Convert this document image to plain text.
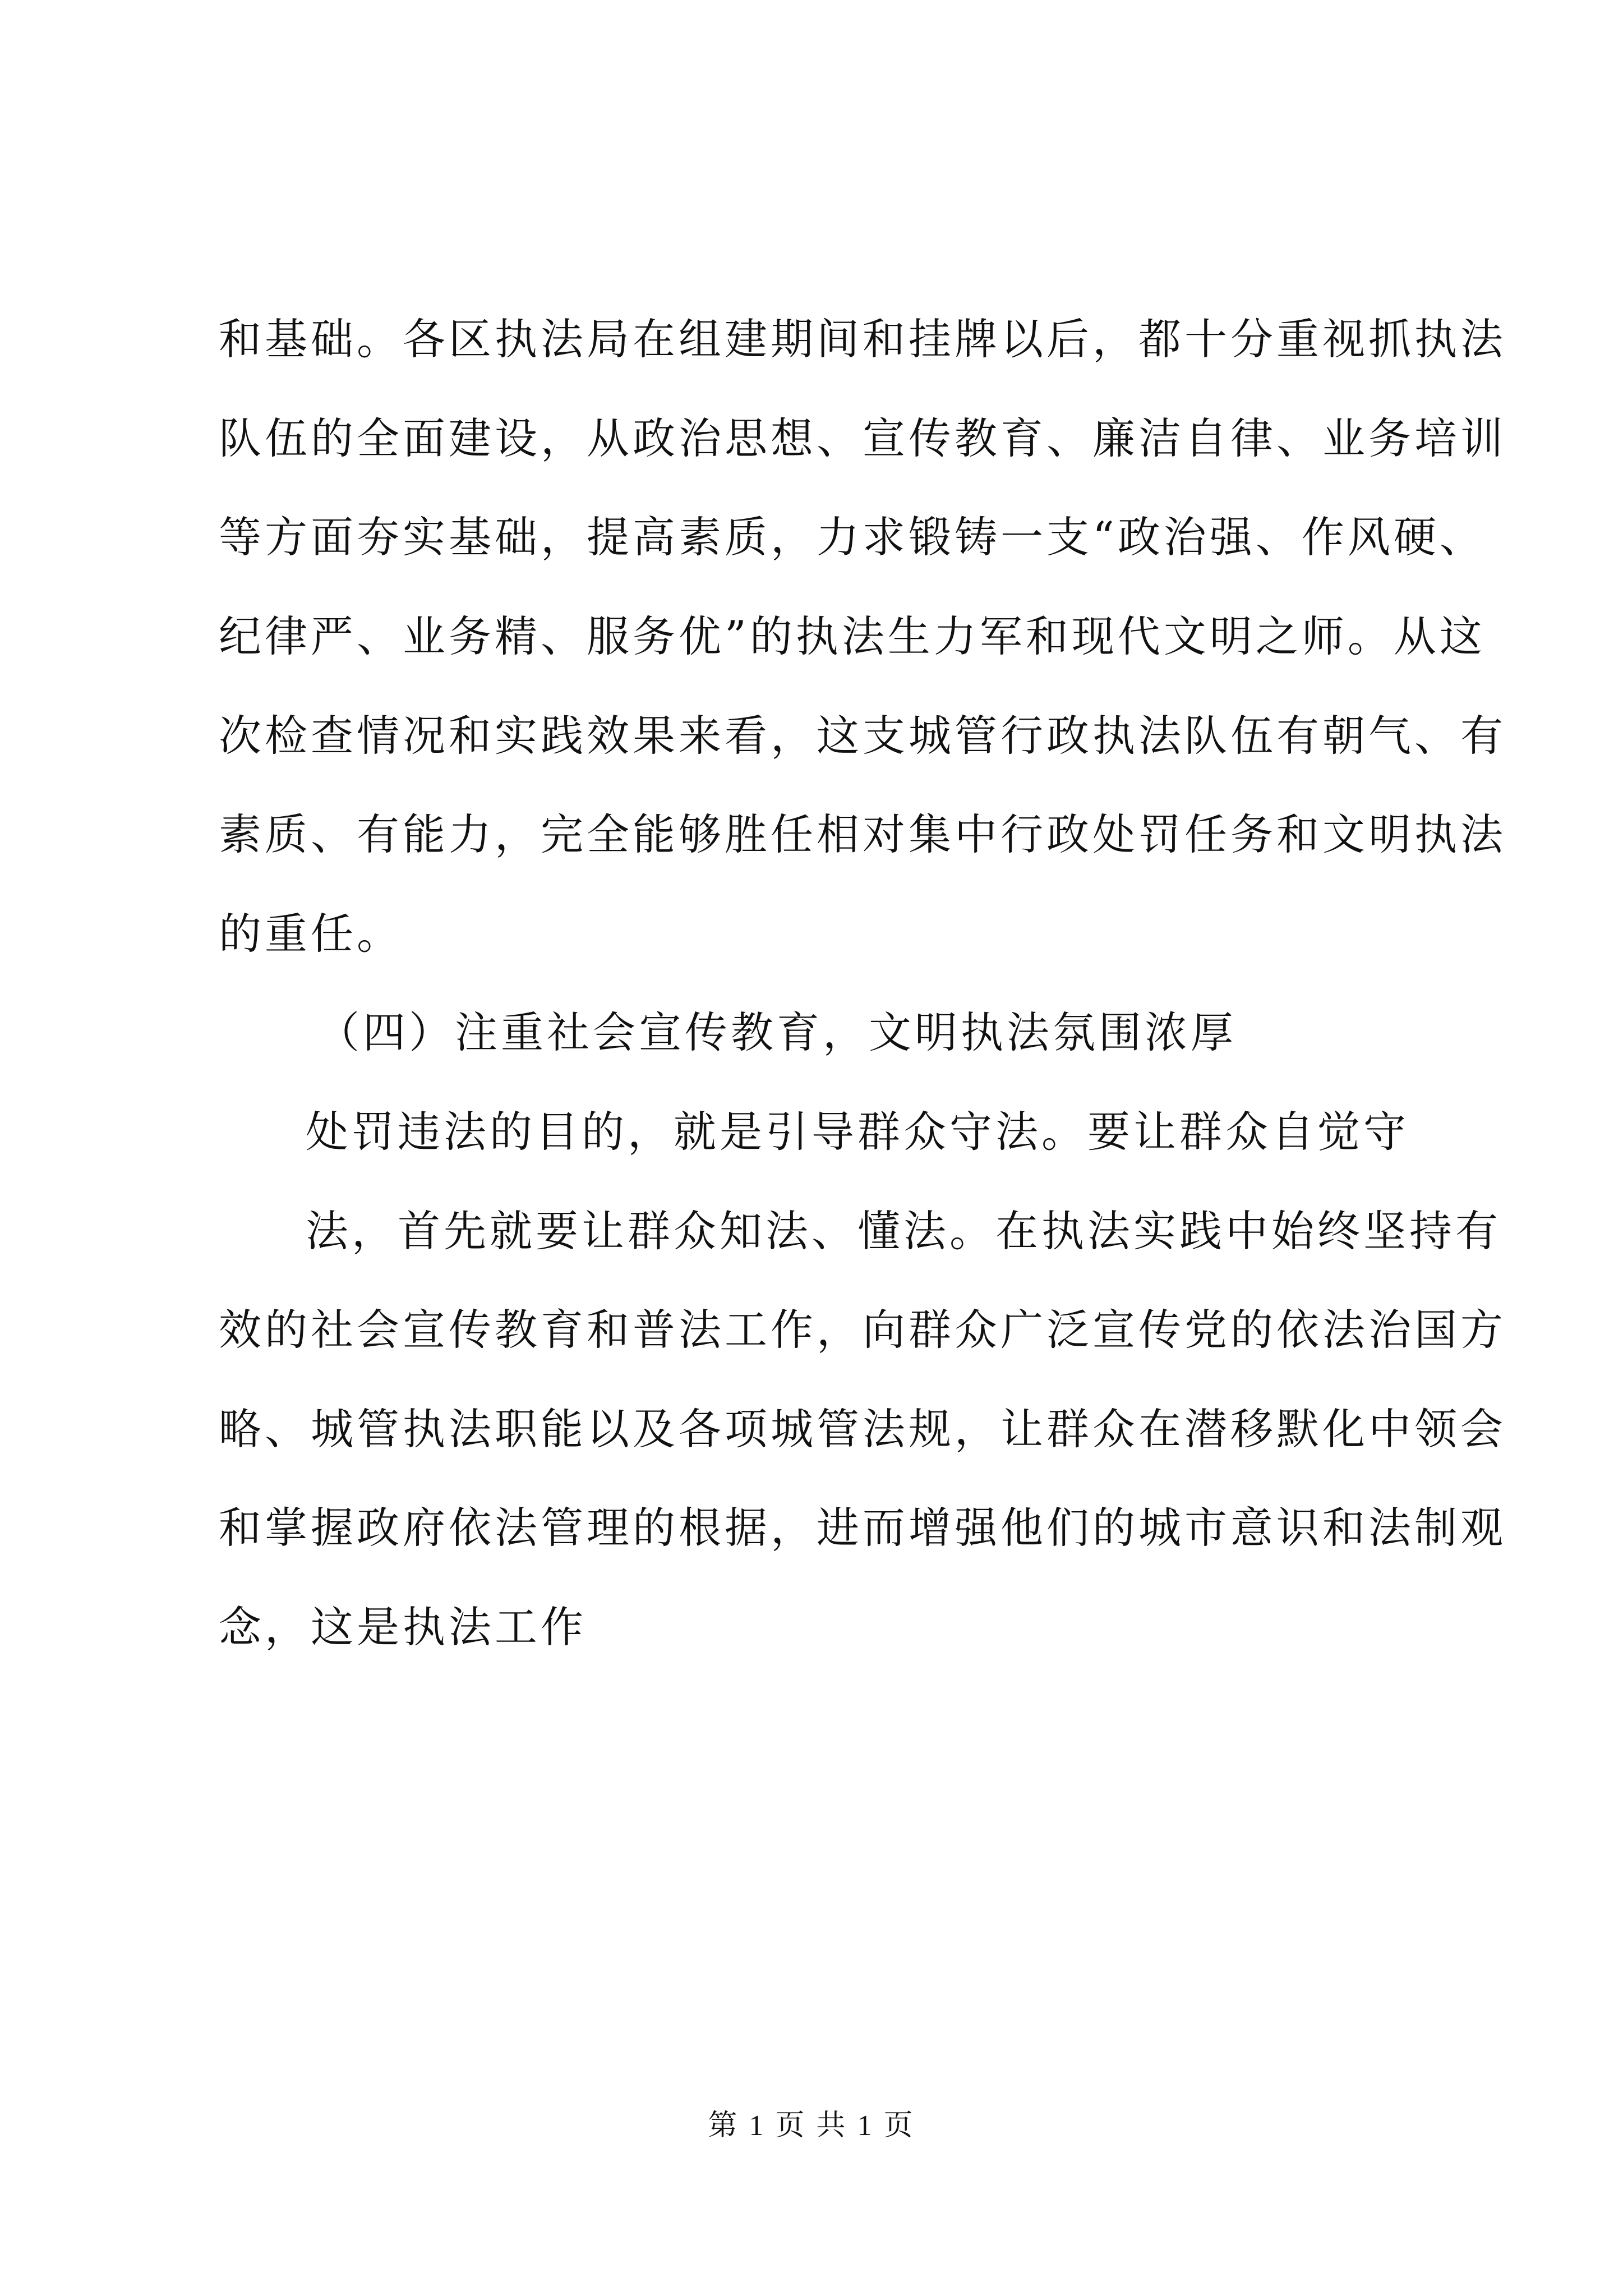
和基础。各区执法局在组建期间和挂牌以后，都十分重视抓执法
队伍的全面建设，从政治思想、宣传教育、廉洁自律、业务培训
等方面夯实基础，提高素质，力求锻铸一支“政治强、作风硬、
纪律严、业务精、服务优”的执法生力军和现代文明之师。从这
次检查情况和实践效果来看，这支城管行政执法队伍有朝气、有
素质、有能力，完全能够胜任相对集中行政处罚任务和文明执法
的重任。
（四）注重社会宣传教育，文明执法氛围浓厚
处罚违法的目的，就是引导群众守法。要让群众自觉守
法，首先就要让群众知法、懂法。在执法实践中始终坚持有
效的社会宣传教育和普法工作，向群众广泛宣传党的依法治国方
略、城管执法职能以及各项城管法规，让群众在潜移默化中领会
和掌握政府依法管理的根据，进而增强他们的城市意识和法制观
念，这是执法工作
第 1 页 共 1 页
